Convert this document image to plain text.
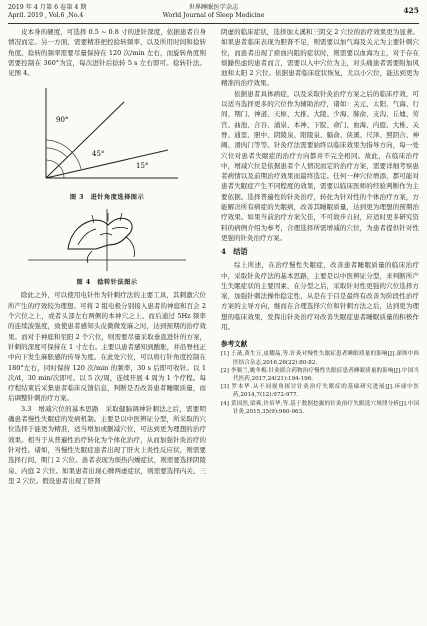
2019 年 4 月第 6 卷第 4 期
April. 2019 , Vol.6 ,No.4
世界睡眠医学杂志
World Journal of Sleep Medicine
425

皮本身的硬度，可选择 0.5 ~ 0.8 寸的进针深度，依据患者自身情况而定。另一方面，需要精准把控捻转频率，以及所用时间和捻转角度。捻转的频率需要尽量保持在 120 次/min 左右，而旋转角度则需要控制在 360°为宜，每次进针后捻转 5 s 左右即可。捻转针法。见图 4。

90°
45°
15°
图 3　进针角度选择图示
图 4　捻转针法图示

除此之外，可以使用电针作为针刺疗法的主要工具，其刺激穴位所产生的疗效较为理想。可将 2 组电极分别接入患者的神庭和百会 2 个穴位之上，或者头部左右两侧的本神穴之上。而后通过 5Hz 频率的连续波强度，致使患者感知头皮微微发麻之时，达到预期的治疗效果。而对于神庭和至阳 2 个穴位，则需要尽量采取垂直进针的方案，针刺的深度可保持在 1 寸左右。主要以患者感知到酸胀，并沿脊柱正中向下发生麻胀感的传导为度。在此处穴位，可以将行针角度控制在 180°左右，同时保持 120 次/min 的频率，30 s 后即可收针。以 1 次/d，30 min/次即可。以 5 次/周，连续开展 4 周为 1 个疗程。每疗程结束后采集患者临床反馈信息，判断是否改善患者睡眠质量，而后调整针刺治疗方案。

3.3　增减穴位的基本思路　采取健脑调神针刺法之后，需要明确患者慢性失眠症的发病机制。主要是以中医辨证分型，所采取的穴位选择于能更为精准，适当增加或删减穴位，可达到更为理想的治疗效果。相当于从普遍性治疗转化为个体化治疗，从而加强针灸治疗的针对性。诸如，当慢性失眠症患者出现了肝火上炎性反应状，则需要选择行间、期门 2 穴位。患者表现为烦热内燥症状，则需要选择阴陵泉、内庭 2 穴位。如果患者出现心脾两虚症状，则需要选择内关、三里 2 穴位。假设患者出现了肝肾

阴虚的临床症状，选择加太溪和三阴交 2 穴位的治疗效果更为显著。如果患者临床表现为胆肾不足，则需要以加气海及关元为主要针刺穴位，而患者出现了瘀血内阻的症状时，则需要以血海为主，对于存在烦躁焦虑的患者而言，需要以入中穴位为主，对头痛患者需要附加风池和太阳 2 穴位。依据患者临床症状恢复，尤以小穴位，能达到更为精准的治疗效果。

依据患者具体病症，以及采取针灸治疗方案之后的临床疗效，可以适当选择更多的穴位作为辅助治疗，诸如：关元、太阳、气海、行间、期门、神道、天枢、大推、大陵、少海、肺俞、支沟、丘墟、劳宫、曲池、合谷、涌泉、本神、下脘、命门、血海、内庭、大椎、关脊、通里、胆中、阴陵泉、阳陵泉、膈俞、侠溪、尺泽、照阴合、神阙、滑肉门等等。针灸疗法需要始终以临床效果为指导方向，每一处穴位对患者失眠症的治疗方向都并不完全相同。故此，在临床治疗中，增减穴位是依据患者个人情况而定的治疗方案，需要详细考察患者病情以及前期治疗效果而最终选定。任何一种穴位增添，都可能对患者失眠症产生不同程度的效果，需要以临床医师的经验判断作为主要依据。选择普遍性的针灸治疗，转化为针对性的个体治疗方案，方能解决所有病症的失眠病，改善其睡眠质量，达到更为理想的预期治疗效果。如果当前治疗方案欠佳，不可故步自封，应适时更多研究资料的病例介绍为参考，合理选择所需增减的穴位，为患者提供针对性更强的针灸治疗方案。

4　结语

综上所述，在治疗慢性失眠症，改善患者睡眠质量的临床治疗中，采取针灸疗法的基本思路，主要是以中医辨证分型，来判断所产生失眠症状的主要因素，在分型之后，采取针对性更强的穴位选择方案，加强针刺法操作稳定性，从是在于目是最终有改善为阶段性治疗方案的主导方向，继而在合理选择穴位和针刺方法之后，达到更为理想的临床效果，发挥出针灸治疗对改善失眠症患者睡眠质量的积极作用。

参考文献
[1] 王菡,黄生万,皮耀晶,等.针灸对慢性失眠症患者睡眠质量的影响[J].深圳中西医结合杂志,2016,26(22):80-82.
[2] 李频兰,姚冬梅.针灸联合药物治疗慢性失眠症患者睡眠质量的影响[J].中国当代医药,2017,24(21):194-196.
[3] 罗本华.从不同视角探讨针灸治疗失眠症的基础研究进展[J].环球中医药,2014,7(12):972-977.
[4] 黄国然,梁爽,许培华,等.基于数据挖掘的针灸治疗失眠选穴规律分析[J].中国针灸,2015,35(9):960-963.
